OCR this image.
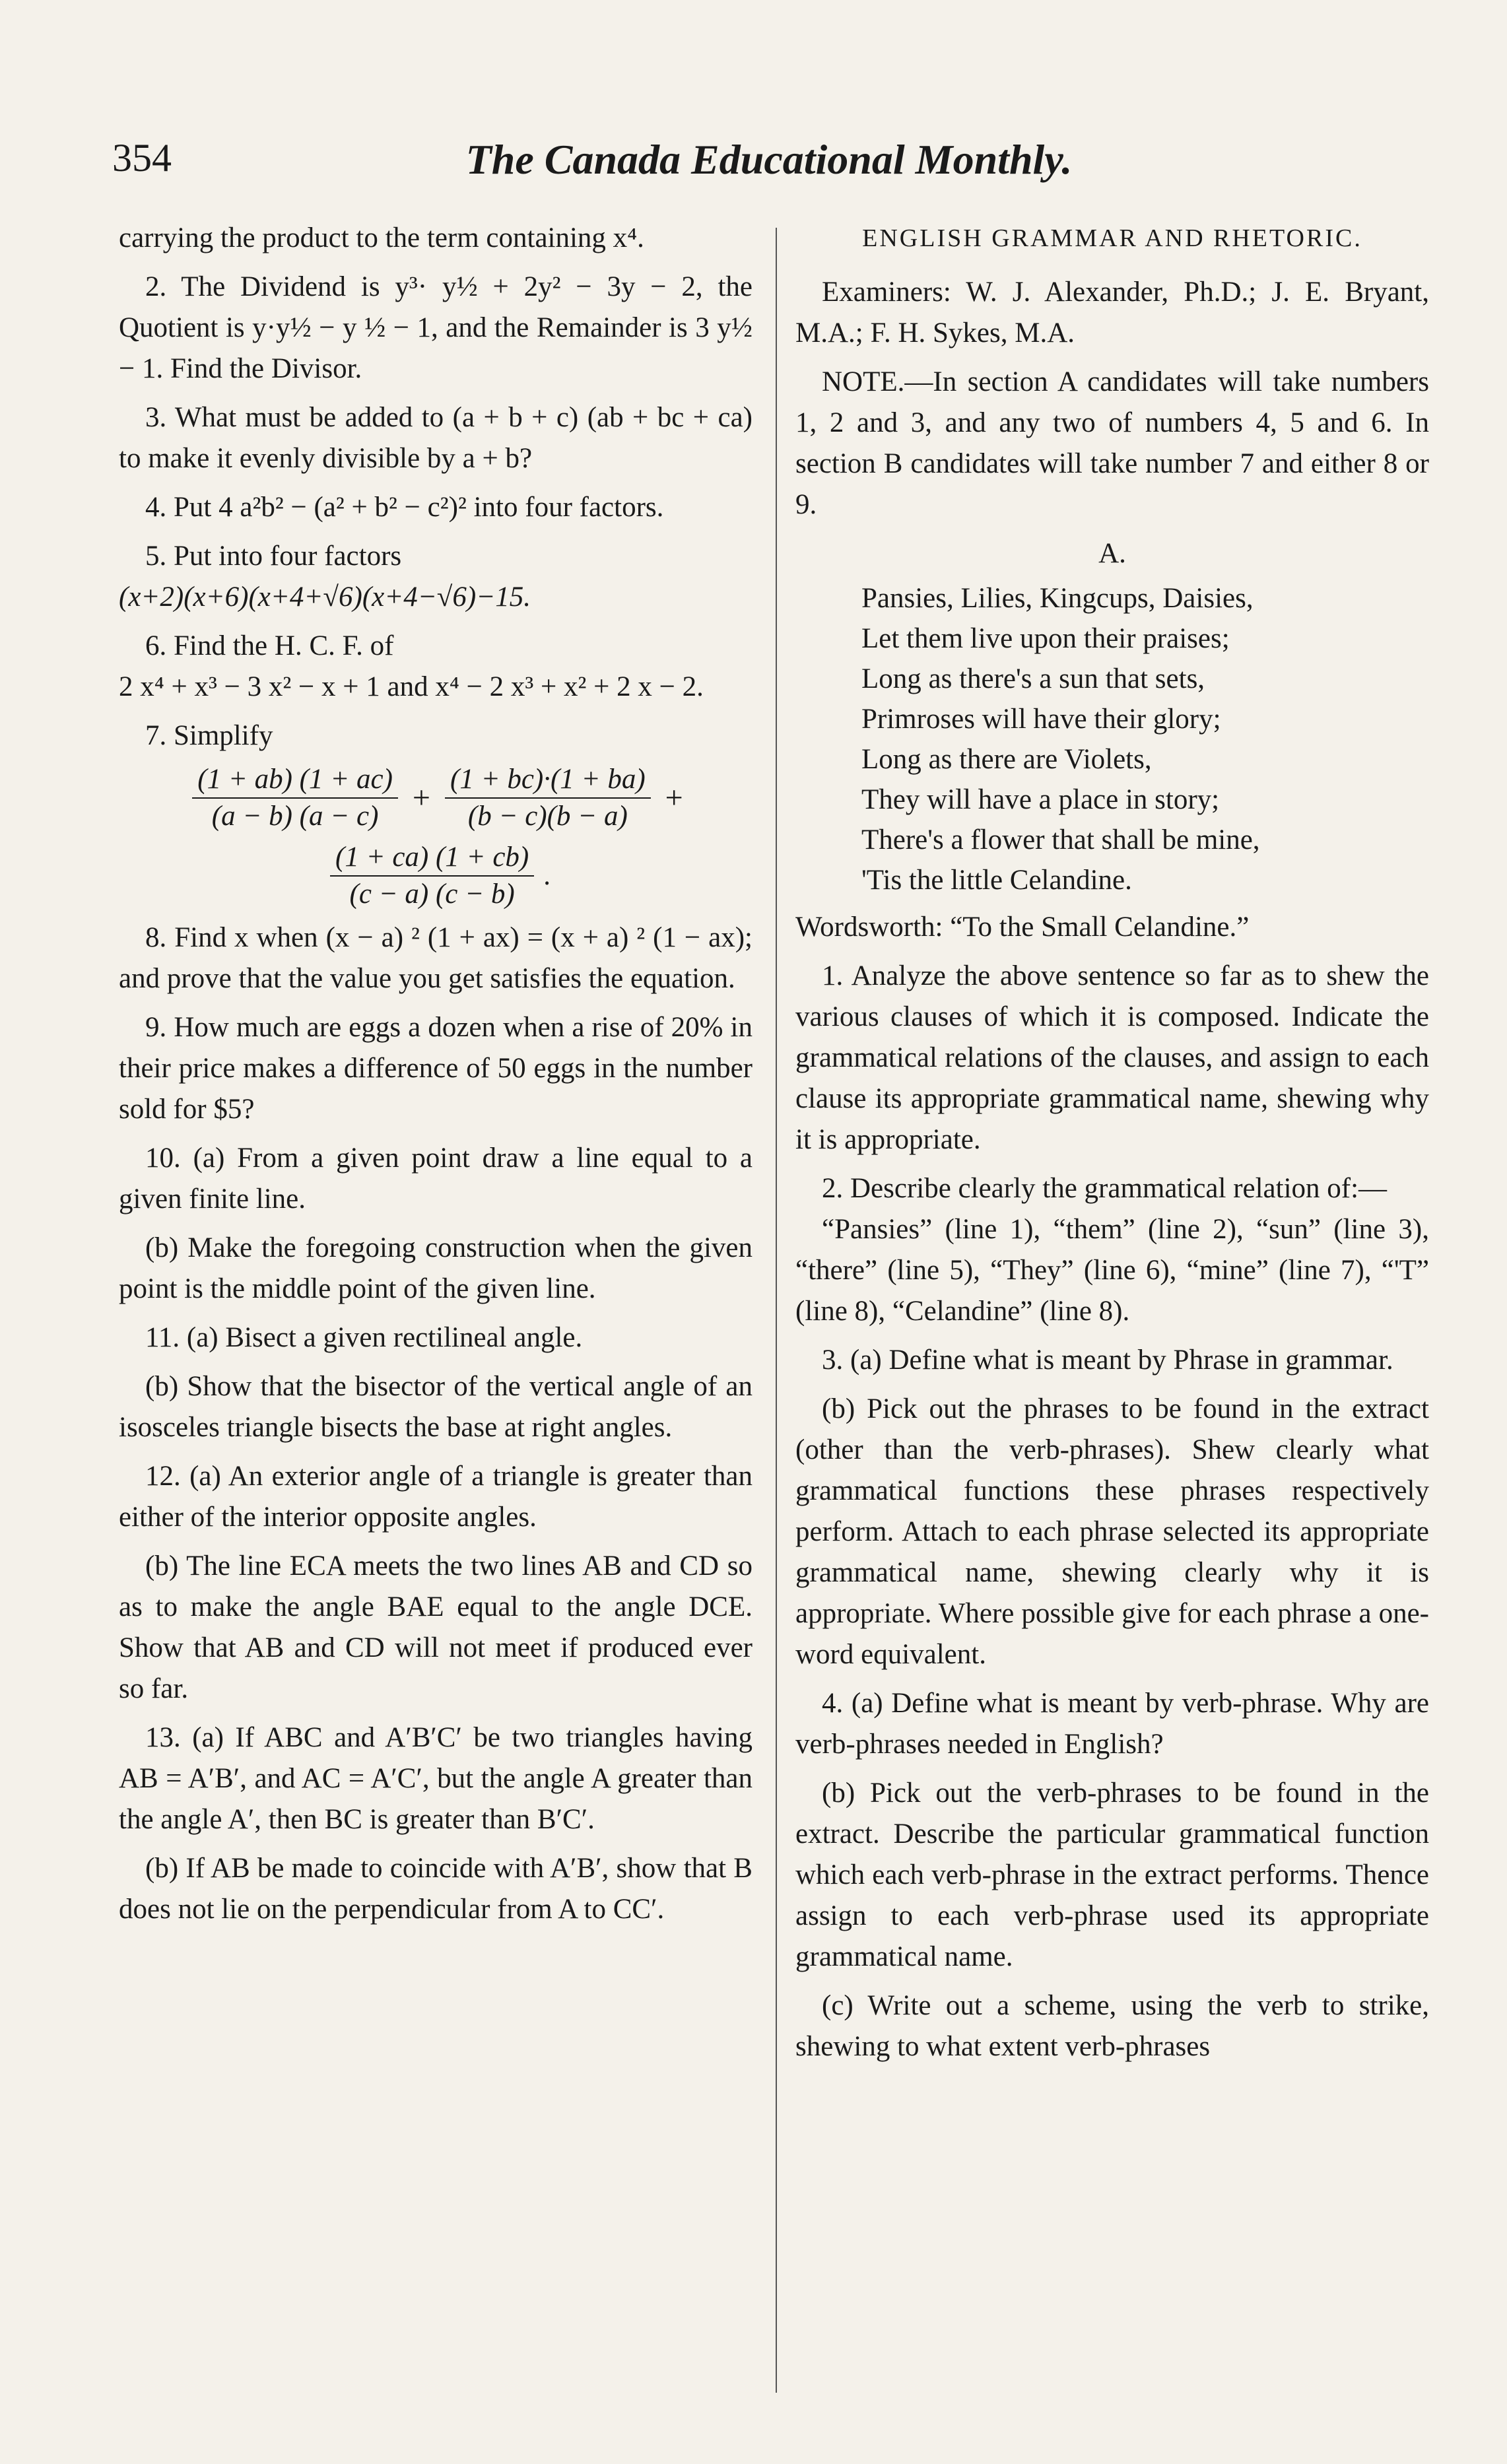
354	The Canada Educational Monthly.

carrying the product to the term containing x⁴.

2. The Dividend is y³· y½ + 2y² − 3y − 2, the Quotient is y·y½ − y ½ − 1, and the Remainder is 3 y½ − 1. Find the Divisor.

3. What must be added to (a + b + c) (ab + bc + ca) to make it evenly divisible by a + b?

4. Put 4 a²b² − (a² + b² − c²)² into four factors.

5. Put into four factors

(x+2)(x+6)(x+4+√6)(x+4−√6)−15.

6. Find the H. C. F. of

2 x⁴ + x³ − 3 x² − x + 1 and x⁴ − 2 x³ + x² + 2 x − 2.

7. Simplify

$\frac{(1 + ab) (1 + ac)}{(a - b) (a - c)} + \frac{(1 + bc)\cdot(1 + ba)}{(b - c)(b - a)}$ +
$\frac{(1 + ca) (1 + cb)}{(c - a) (c - b)}$ .

8. Find x when (x − a) ² (1 + ax) = (x + a) ² (1 − ax); and prove that the value you get satisfies the equation.

9. How much are eggs a dozen when a rise of 20% in their price makes a difference of 50 eggs in the number sold for $5?

10. (a) From a given point draw a line equal to a given finite line.

(b) Make the foregoing construction when the given point is the middle point of the given line.

11. (a) Bisect a given rectilineal angle.

(b) Show that the bisector of the vertical angle of an isosceles triangle bisects the base at right angles.

12. (a) An exterior angle of a triangle is greater than either of the interior opposite angles.

(b) The line ECA meets the two lines AB and CD so as to make the angle BAE equal to the angle DCE. Show that AB and CD will not meet if produced ever so far.

13. (a) If ABC and A′B′C′ be two triangles having AB = A′B′, and AC = A′C′, but the angle A greater than the angle A′, then BC is greater than B′C′.

(b) If AB be made to coincide with A′B′, show that B does not lie on the perpendicular from A to CC′.

ENGLISH GRAMMAR AND RHETORIC.

Examiners: W. J. Alexander, Ph.D.; J. E. Bryant, M.A.; F. H. Sykes, M.A.

NOTE.—In section A candidates will take numbers 1, 2 and 3, and any two of numbers 4, 5 and 6. In section B candidates will take number 7 and either 8 or 9.

A.

Pansies, Lilies, Kingcups, Daisies,
Let them live upon their praises;
Long as there's a sun that sets,
Primroses will have their glory;
Long as there are Violets,
They will have a place in story;
There's a flower that shall be mine,
'Tis the little Celandine.

Wordsworth: “To the Small Celandine.”

1. Analyze the above sentence so far as to shew the various clauses of which it is composed. Indicate the grammatical relations of the clauses, and assign to each clause its appropriate grammatical name, shewing why it is appropriate.

2. Describe clearly the grammatical relation of:—

“Pansies” (line 1), “them” (line 2), “sun” (line 3), “there” (line 5), “They” (line 6), “mine” (line 7), “'T” (line 8), “Celandine” (line 8).

3. (a) Define what is meant by Phrase in grammar.

(b) Pick out the phrases to be found in the extract (other than the verb-phrases). Shew clearly what grammatical functions these phrases respectively perform. Attach to each phrase selected its appropriate grammatical name, shewing clearly why it is appropriate. Where possible give for each phrase a one-word equivalent.

4. (a) Define what is meant by verb-phrase. Why are verb-phrases needed in English?

(b) Pick out the verb-phrases to be found in the extract. Describe the particular grammatical function which each verb-phrase in the extract performs. Thence assign to each verb-phrase used its appropriate grammatical name.

(c) Write out a scheme, using the verb to strike, shewing to what extent verb-phrases
